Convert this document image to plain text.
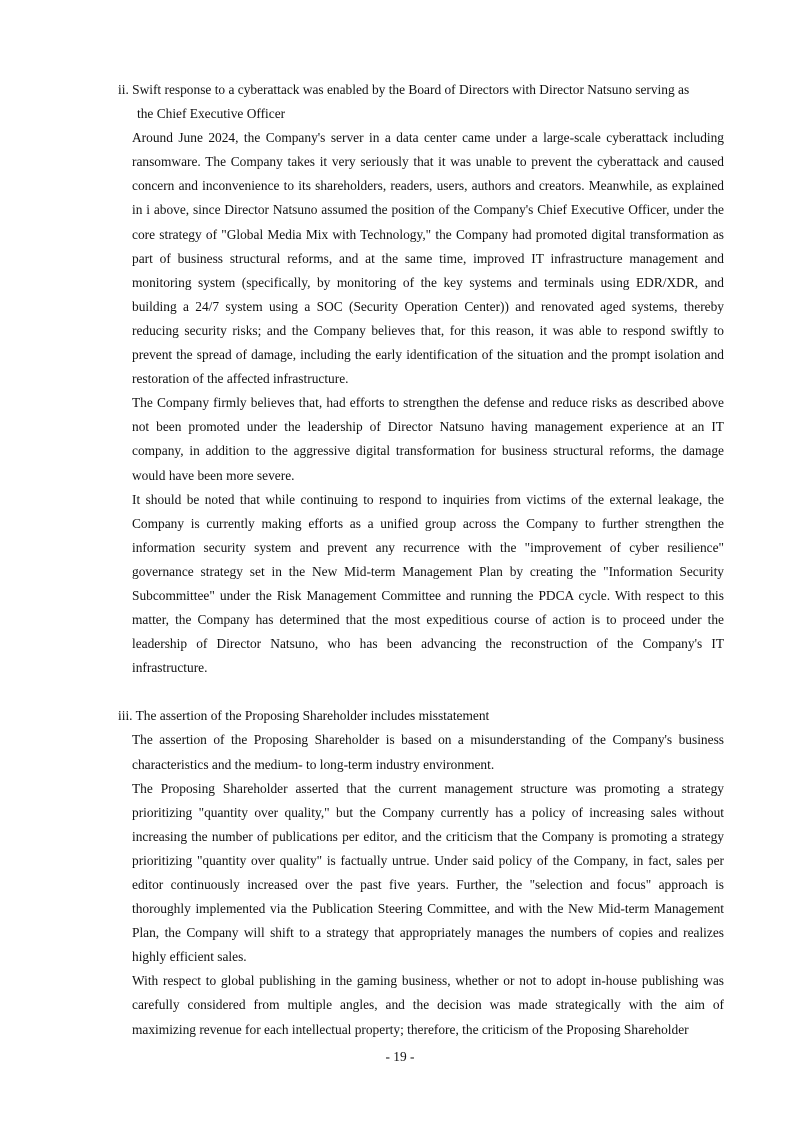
ii. Swift response to a cyberattack was enabled by the Board of Directors with Director Natsuno serving as
the Chief Executive Officer

Around June 2024, the Company's server in a data center came under a large-scale cyberattack including ransomware. The Company takes it very seriously that it was unable to prevent the cyberattack and caused concern and inconvenience to its shareholders, readers, users, authors and creators. Meanwhile, as explained in i above, since Director Natsuno assumed the position of the Company's Chief Executive Officer, under the core strategy of "Global Media Mix with Technology," the Company had promoted digital transformation as part of business structural reforms, and at the same time, improved IT infrastructure management and monitoring system (specifically, by monitoring of the key systems and terminals using EDR/XDR, and building a 24/7 system using a SOC (Security Operation Center)) and renovated aged systems, thereby reducing security risks; and the Company believes that, for this reason, it was able to respond swiftly to prevent the spread of damage, including the early identification of the situation and the prompt isolation and restoration of the affected infrastructure.

The Company firmly believes that, had efforts to strengthen the defense and reduce risks as described above not been promoted under the leadership of Director Natsuno having management experience at an IT company, in addition to the aggressive digital transformation for business structural reforms, the damage would have been more severe.

It should be noted that while continuing to respond to inquiries from victims of the external leakage, the Company is currently making efforts as a unified group across the Company to further strengthen the information security system and prevent any recurrence with the "improvement of cyber resilience" governance strategy set in the New Mid-term Management Plan by creating the "Information Security Subcommittee" under the Risk Management Committee and running the PDCA cycle. With respect to this matter, the Company has determined that the most expeditious course of action is to proceed under the leadership of Director Natsuno, who has been advancing the reconstruction of the Company's IT infrastructure.

iii. The assertion of the Proposing Shareholder includes misstatement

The assertion of the Proposing Shareholder is based on a misunderstanding of the Company's business characteristics and the medium- to long-term industry environment.

The Proposing Shareholder asserted that the current management structure was promoting a strategy prioritizing "quantity over quality," but the Company currently has a policy of increasing sales without increasing the number of publications per editor, and the criticism that the Company is promoting a strategy prioritizing "quantity over quality" is factually untrue. Under said policy of the Company, in fact, sales per editor continuously increased over the past five years. Further, the "selection and focus" approach is thoroughly implemented via the Publication Steering Committee, and with the New Mid-term Management Plan, the Company will shift to a strategy that appropriately manages the numbers of copies and realizes highly efficient sales.

With respect to global publishing in the gaming business, whether or not to adopt in-house publishing was carefully considered from multiple angles, and the decision was made strategically with the aim of maximizing revenue for each intellectual property; therefore, the criticism of the Proposing Shareholder

- 19 -
